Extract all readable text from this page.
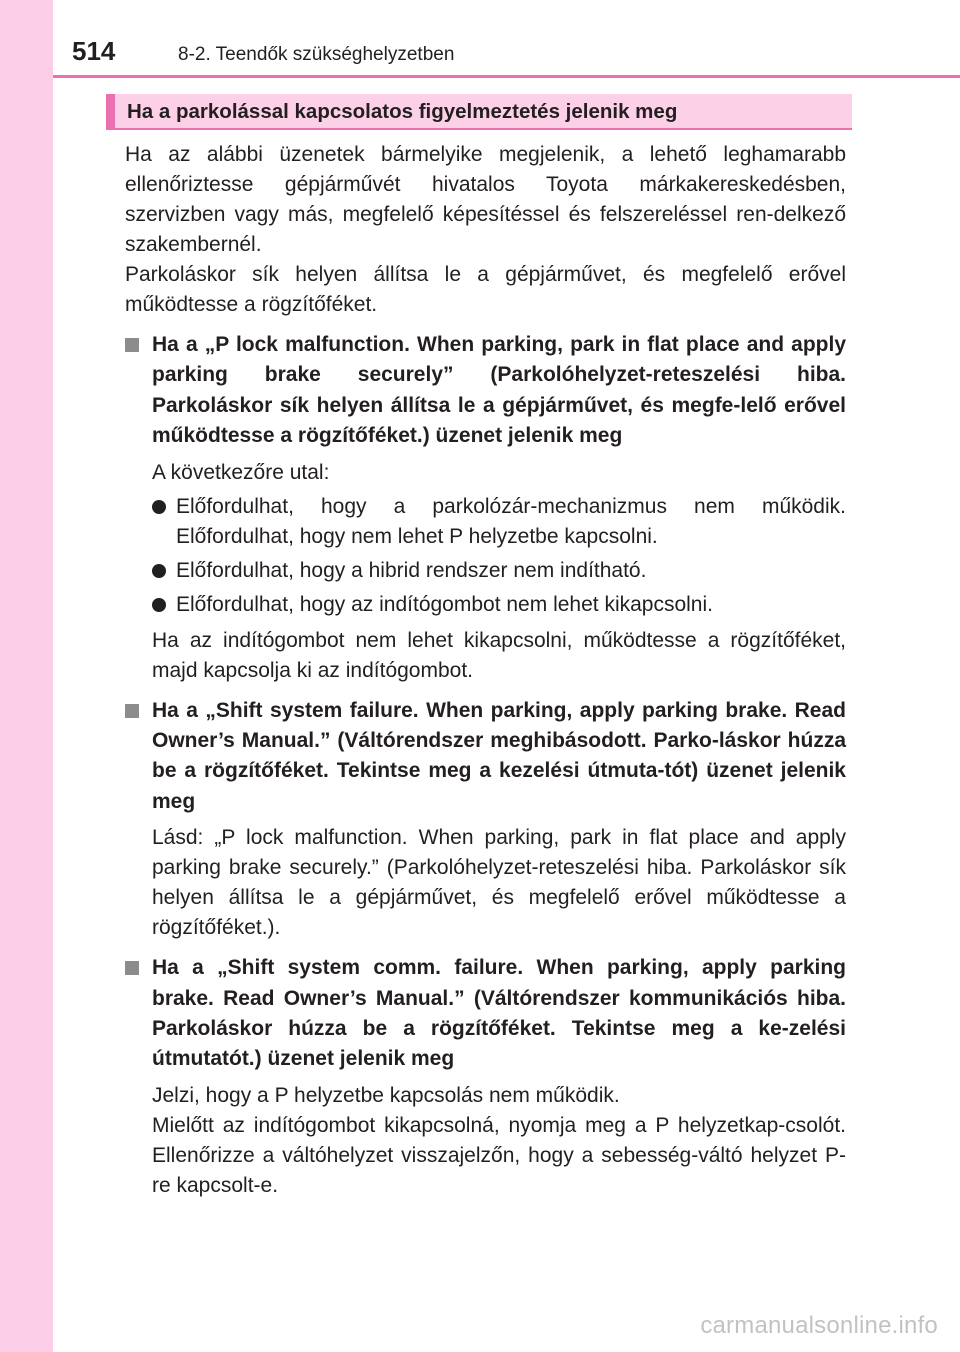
514	8-2. Teendők szükséghelyzetben
Ha a parkolással kapcsolatos figyelmeztetés jelenik meg

Ha az alábbi üzenetek bármelyike megjelenik, a lehető leghamarabb ellenőriztesse gépjárművét hivatalos Toyota márkakereskedésben, szervizben vagy más, megfelelő képesítéssel és felszereléssel ren-delkező szakembernél.

Parkoláskor sík helyen állítsa le a gépjárművet, és megfelelő erővel működtesse a rögzítőféket.

Ha a „P lock malfunction. When parking, park in flat place and apply parking brake securely” (Parkolóhelyzet-reteszelési hiba. Parkoláskor sík helyen állítsa le a gépjárművet, és megfe-lelő erővel működtesse a rögzítőféket.) üzenet jelenik meg

A következőre utal:

Előfordulhat, hogy a parkolózár-mechanizmus nem működik. Előfordulhat, hogy nem lehet P helyzetbe kapcsolni.
Előfordulhat, hogy a hibrid rendszer nem indítható.
Előfordulhat, hogy az indítógombot nem lehet kikapcsolni.

Ha az indítógombot nem lehet kikapcsolni, működtesse a rögzítőféket, majd kapcsolja ki az indítógombot.

Ha a „Shift system failure. When parking, apply parking brake. Read Owner’s Manual.” (Váltórendszer meghibásodott. Parko-láskor húzza be a rögzítőféket. Tekintse meg a kezelési útmuta-tót) üzenet jelenik meg

Lásd: „P lock malfunction. When parking, park in flat place and apply parking brake securely.” (Parkolóhelyzet-reteszelési hiba. Parkoláskor sík helyen állítsa le a gépjárművet, és megfelelő erővel működtesse a rögzítőféket.).

Ha a „Shift system comm. failure. When parking, apply parking brake. Read Owner’s Manual.” (Váltórendszer kommunikációs hiba. Parkoláskor húzza be a rögzítőféket. Tekintse meg a ke-zelési útmutatót.) üzenet jelenik meg

Jelzi, hogy a P helyzetbe kapcsolás nem működik.

Mielőtt az indítógombot kikapcsolná, nyomja meg a P helyzetkap-csolót. Ellenőrizze a váltóhelyzet visszajelzőn, hogy a sebesség-váltó helyzet P-re kapcsolt-e.

carmanualsonline.info
